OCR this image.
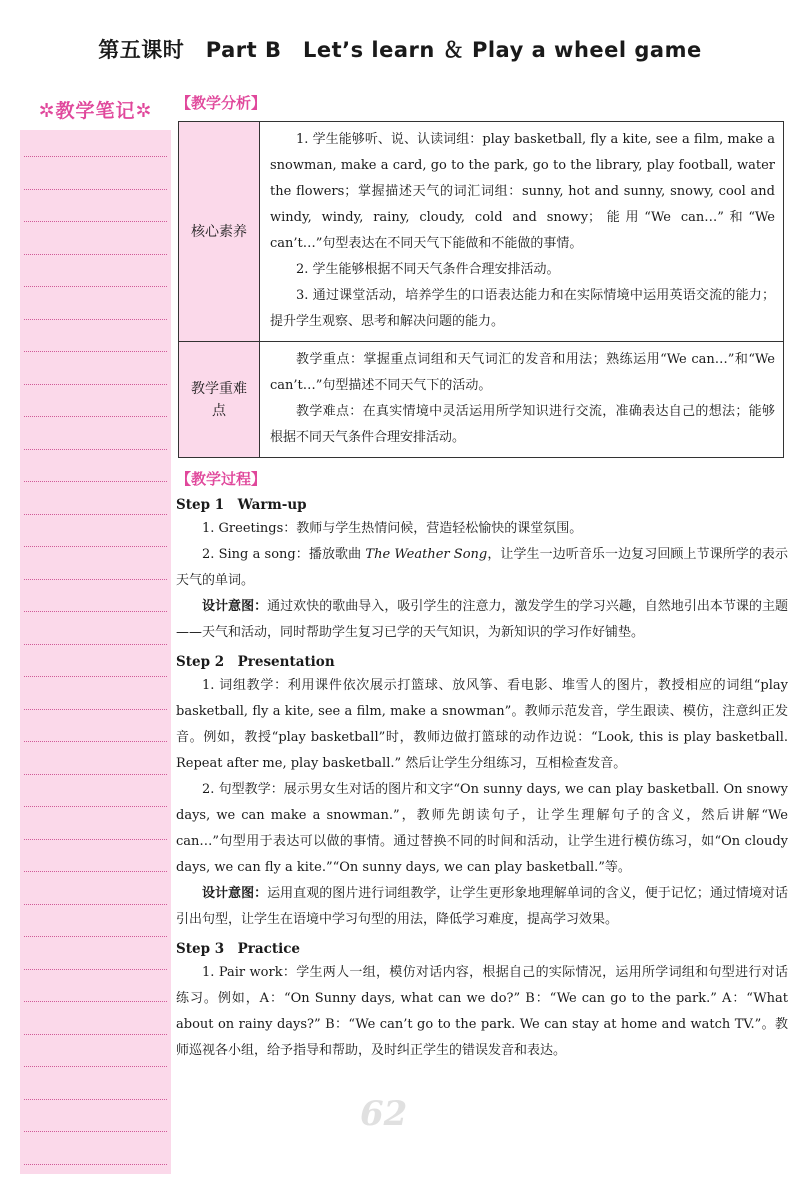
第五课时　Part B　Let’s learn ＆ Play a wheel game
✲教学笔记✲	【教学分析】
核心素养	1. 学生能够听、说、认读词组：play basketball, fly a kite, see a film, make a snowman, make a card, go to the park, go to the library, play football, water the flowers；掌握描述天气的词汇词组：sunny, hot and sunny, snowy, cool and windy, windy, rainy, cloudy, cold and snowy；能用“We can…”和“We can’t…”句型表达在不同天气下能做和不能做的事情。

2. 学生能够根据不同天气条件合理安排活动。

3. 通过课堂活动，培养学生的口语表达能力和在实际情境中运用英语交流的能力；提升学生观察、思考和解决问题的能力。

教学重难点	教学重点：掌握重点词组和天气词汇的发音和用法；熟练运用“We can…”和“We can’t…”句型描述不同天气下的活动。

教学难点：在真实情境中灵活运用所学知识进行交流，准确表达自己的想法；能够根据不同天气条件合理安排活动。

【教学过程】
Step 1　Warm-up
1. Greetings：教师与学生热情问候，营造轻松愉快的课堂氛围。
2. Sing a song：播放歌曲 The Weather Song，让学生一边听音乐一边复习回顾上节课所学的表示天气的单词。
设计意图：通过欢快的歌曲导入，吸引学生的注意力，激发学生的学习兴趣，自然地引出本节课的主题——天气和活动，同时帮助学生复习已学的天气知识，为新知识的学习作好铺垫。
Step 2　Presentation
1. 词组教学：利用课件依次展示打篮球、放风筝、看电影、堆雪人的图片，教授相应的词组“play basketball, fly a kite, see a film, make a snowman”。教师示范发音，学生跟读、模仿，注意纠正发音。例如，教授“play basketball”时，教师边做打篮球的动作边说：“Look, this is play basketball. Repeat after me, play basketball.” 然后让学生分组练习，互相检查发音。
2. 句型教学：展示男女生对话的图片和文字“On sunny days, we can play basketball. On snowy days, we can make a snowman.”，教师先朗读句子，让学生理解句子的含义，然后讲解“We can…”句型用于表达可以做的事情。通过替换不同的时间和活动，让学生进行模仿练习，如“On cloudy days, we can fly a kite.”“On sunny days, we can play basketball.”等。
设计意图：运用直观的图片进行词组教学，让学生更形象地理解单词的含义，便于记忆；通过情境对话引出句型，让学生在语境中学习句型的用法，降低学习难度，提高学习效果。
Step 3　Practice
1. Pair work：学生两人一组，模仿对话内容，根据自己的实际情况，运用所学词组和句型进行对话练习。例如，A：“On Sunny days, what can we do?” B：“We can go to the park.” A：“What about on rainy days?” B：“We can’t go to the park. We can stay at home and watch TV.”。教师巡视各小组，给予指导和帮助，及时纠正学生的错误发音和表达。
62
